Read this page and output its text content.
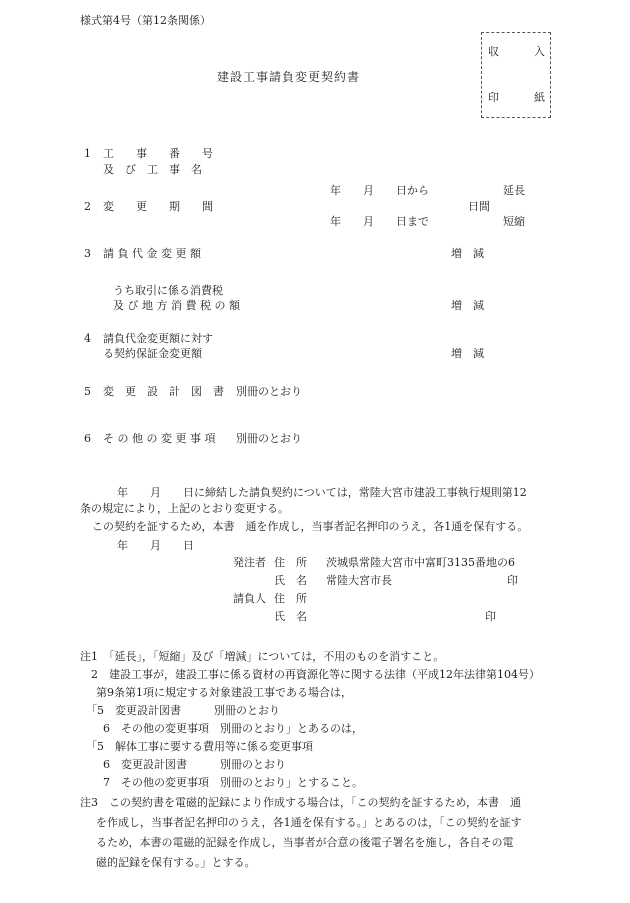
様式第4号（第12条関係）
建設工事請負変更契約書
収	入
印	紙
1 工　　事　　番　　号
及　び　工　事　名
年　　月　　日から	延長
2 変　　更　　期　　間	日間
年　　月　　日まで	短縮
3 請 負 代 金 変 更 額	増　減
うち取引に係る消費税
及 び 地 方 消 費 税 の 額	増　減
4 請負代金変更額に対す
る契約保証金変更額	増　減
5 変　更　設　計　図　書 別冊のとおり
6 そ の 他 の 変 更 事 項 別冊のとおり
年　　月　　日に締結した請負契約については，常陸大宮市建設工事執行規則第12
条の規定により，上記のとおり変更する。
この契約を証するため，本書　通を作成し，当事者記名押印のうえ，各1通を保有する。
年　　月　　日
発注者 住　所 茨城県常陸大宮市中富町3135番地の6
氏　名 常陸大宮市長	印
請負人 住　所
氏　名	印
注1　「延長」，「短縮」及び「増減」については，不用のものを消すこと。
2　建設工事が，建設工事に係る資材の再資源化等に関する法律（平成12年法律第104号）
第9条第1項に規定する対象建設工事である場合は，
「5　変更設計図書　　　別冊のとおり
6　その他の変更事項　別冊のとおり」とあるのは，
「5　解体工事に要する費用等に係る変更事項
6　変更設計図書　　　別冊のとおり
7　その他の変更事項　別冊のとおり」とすること。
注3　この契約書を電磁的記録により作成する場合は，「この契約を証するため，本書　通
を作成し，当事者記名押印のうえ，各1通を保有する。」とあるのは，「この契約を証す
るため，本書の電磁的記録を作成し，当事者が合意の後電子署名を施し，各自その電
磁的記録を保有する。」とする。
